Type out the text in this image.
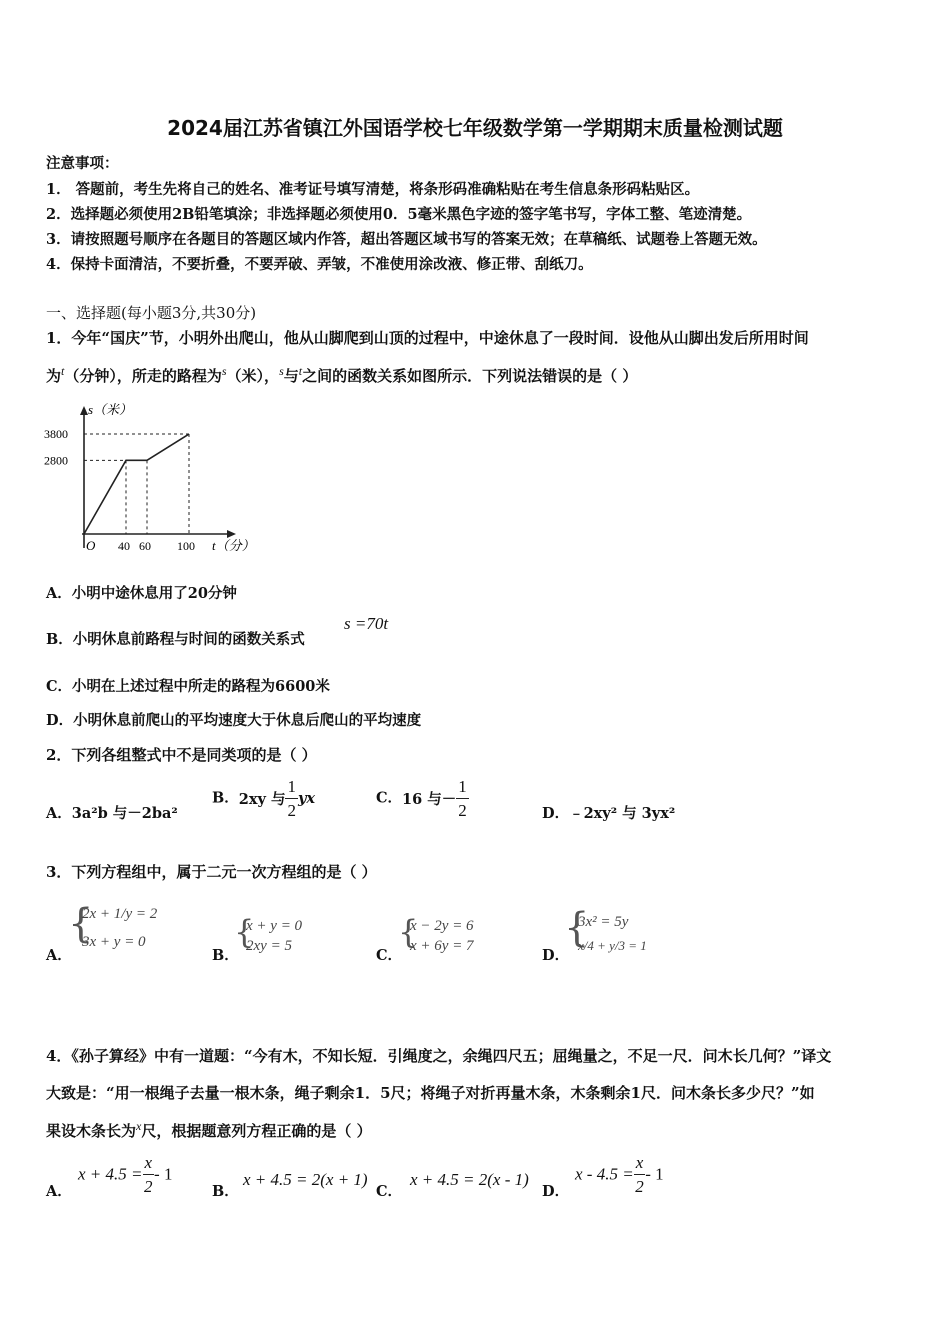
2024届江苏省镇江外国语学校七年级数学第一学期期末质量检测试题
注意事项：
1． 答题前，考生先将自己的姓名、准考证号填写清楚，将条形码准确粘贴在考生信息条形码粘贴区。
2．选择题必须使用2B铅笔填涂；非选择题必须使用0．5毫米黑色字迹的签字笔书写，字体工整、笔迹清楚。
3．请按照题号顺序在各题目的答题区域内作答，超出答题区域书写的答案无效；在草稿纸、试题卷上答题无效。
4．保持卡面清洁，不要折叠，不要弄破、弄皱，不准使用涂改液、修正带、刮纸刀。
一、选择题(每小题3分,共30分)
1．今年“国庆”节，小明外出爬山，他从山脚爬到山顶的过程中，中途休息了一段时间．设他从山脚出发后所用时间
为$^t$（分钟），所走的路程为$^s$（米），$^s$与$^t$之间的函数关系如图所示．下列说法错误的是（ ）
3800
2800
40 60 100
O
s（米）
t（分）
A．小明中途休息用了20分钟
B．小明休息前路程与时间的函数关系式
s =70t
C．小明在上述过程中所走的路程为6600米
D．小明休息前爬山的平均速度大于休息后爬山的平均速度
2．下列各组整式中不是同类项的是（ ）
A．3a²b 与－2ba²
B．2xy 与 $\frac{1}{2}$ yx	C．16 与－ $\frac{1}{2}$	D．﹣2xy² 与 3yx²
3．下列方程组中，属于二元一次方程组的是（ ）
A．
{
2x + 1/y = 2
3x + y = 0
B．
{
x + y = 0
2xy = 5
C．
{
x − 2y = 6
x + 6y = 7
D．
{
3x² = 5y
x/4 + y/3 = 1
4．《孙子算经》中有一道题：“今有木，不知长短．引绳度之，余绳四尺五；屈绳量之，不足一尺．问木长几何？”译文
大致是：“用一根绳子去量一根木条，绳子剩余1．5尺；将绳子对折再量木条，木条剩余1尺．问木条长多少尺？”如
果设木条长为$^x$尺，根据题意列方程正确的是（ ）
A．
$x + 4.5 = \frac{x}{2} - 1$
B．
x + 4.5 = 2(x + 1)
C．
x + 4.5 = 2(x - 1)
D．
$x - 4.5 = \frac{x}{2} - 1$
